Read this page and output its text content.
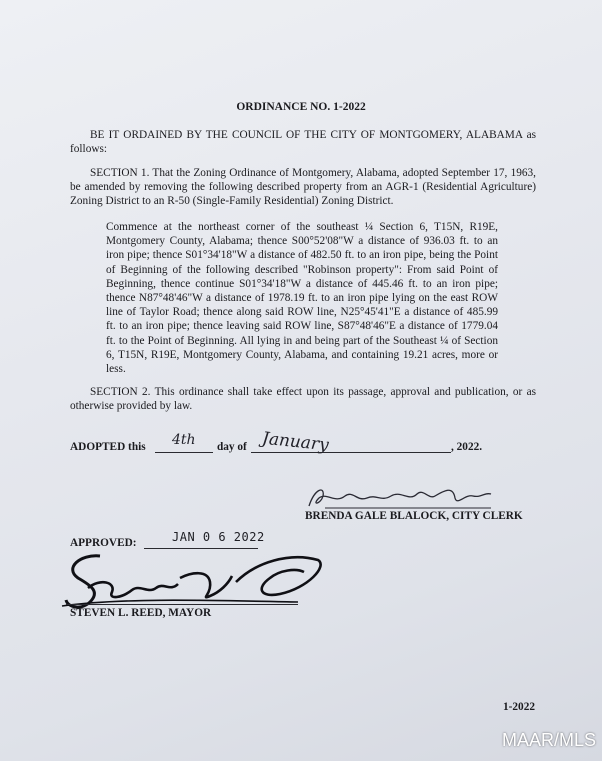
ORDINANCE NO. 1-2022
BE IT ORDAINED BY THE COUNCIL OF THE CITY OF MONTGOMERY, ALABAMA as follows:
SECTION 1. That the Zoning Ordinance of Montgomery, Alabama, adopted September 17, 1963, be amended by removing the following described property from an AGR-1 (Residential Agriculture) Zoning District to an R-50 (Single-Family Residential) Zoning District.
Commence at the northeast corner of the southeast ¼ Section 6, T15N, R19E, Montgomery County, Alabama; thence S00°52'08"W a distance of 936.03 ft. to an iron pipe; thence S01°34'18"W a distance of 482.50 ft. to an iron pipe, being the Point of Beginning of the following described "Robinson property": From said Point of Beginning, thence continue S01°34'18"W a distance of 445.46 ft. to an iron pipe; thence N87°48'46"W a distance of 1978.19 ft. to an iron pipe lying on the east ROW line of Taylor Road; thence along said ROW line, N25°45'41"E a distance of 485.99 ft. to an iron pipe; thence leaving said ROW line, S87°48'46"E a distance of 1779.04 ft. to the Point of Beginning. All lying in and being part of the Southeast ¼ of Section 6, T15N, R19E, Montgomery County, Alabama, and containing 19.21 acres, more or less.
SECTION 2. This ordinance shall take effect upon its passage, approval and publication, or as otherwise provided by law.
ADOPTED this 4th day of January	, 2022.
BRENDA GALE BLALOCK, CITY CLERK
APPROVED:	JAN 0 6 2022
STEVEN L. REED, MAYOR
1-2022
MAAR/MLS
